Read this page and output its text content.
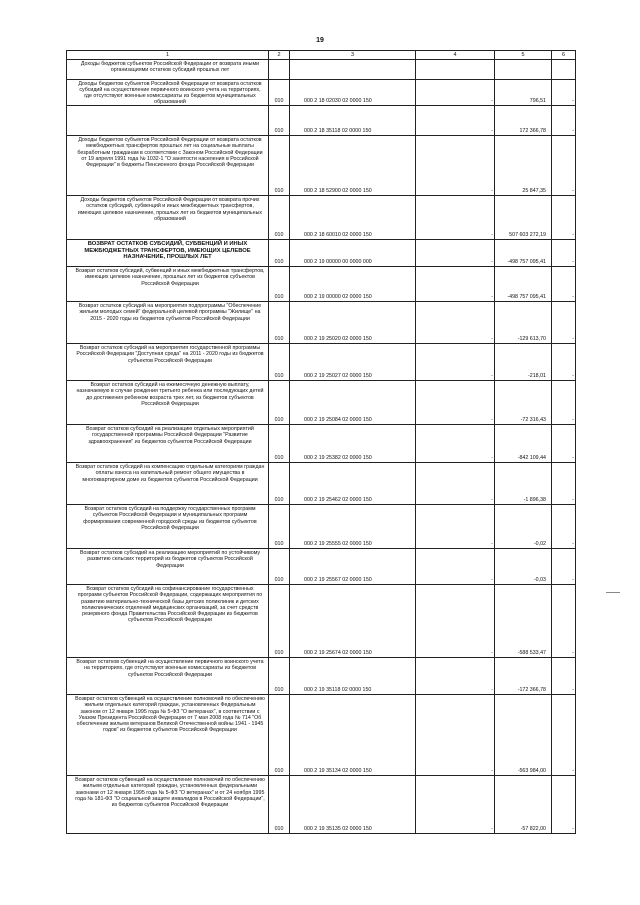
19
1	2	3	4	5	6
Доходы бюджетов субъектов Российской Федерации от возврата иными организациями остатков субсидий прошлых лет					
Доходы бюджетов субъектов Российской Федерации от возврата остатков субсидий на осуществление первичного воинского учета на территориях, где отсутствуют военные комиссариаты из бюджетов муниципальных образований	010	000 2 18 02030 02 0000 150	-	796,51	-
	010	000 2 18 35118 02 0000 150	-	172 366,78	-
Доходы бюджетов субъектов Российской Федерации от возврата остатков межбюджетных трансфертов прошлых лет на социальные выплаты безработным гражданам в соответствии с Законом Российской Федерации от 19 апреля 1991 года № 1032-1 "О занятости населения в Российской Федерации" в бюджеты Пенсионного фонда Российской Федерации	010	000 2 18 52900 02 0000 150	-	25 847,35	-
Доходы бюджетов субъектов Российской Федерации от возврата прочих остатков субсидий, субвенций и иных межбюджетных трансфертов, имеющих целевое назначение, прошлых лет из бюджетов муниципальных образований	010	000 2 18 60010 02 0000 150	-	507 603 272,19	-
ВОЗВРАТ ОСТАТКОВ СУБСИДИЙ, СУБВЕНЦИЙ И ИНЫХ МЕЖБЮДЖЕТНЫХ ТРАНСФЕРТОВ, ИМЕЮЩИХ ЦЕЛЕВОЕ НАЗНАЧЕНИЕ, ПРОШЛЫХ ЛЕТ	010	000 2 19 00000 00 0000 000	-	-498 757 095,41	-
Возврат остатков субсидий, субвенций и иных межбюджетных трансфертов, имеющих целевое назначение, прошлых лет из бюджетов субъектов Российской Федерации	010	000 2 19 00000 02 0000 150	-	-498 757 095,41	-
Возврат остатков субсидий на мероприятия подпрограммы "Обеспечение жильем молодых семей" федеральной целевой программы "Жилище" на 2015 - 2020 годы из бюджетов субъектов Российской Федерации	010	000 2 19 25020 02 0000 150	-	-129 613,70	-
Возврат остатков субсидий на мероприятия государственной программы Российской Федерации "Доступная среда" на 2011 - 2020 годы из бюджетов субъектов Российской Федерации	010	000 2 19 25027 02 0000 150	-	-218,01	-
Возврат остатков субсидий на ежемесячную денежную выплату, назначаемую в случае рождения третьего ребенка или последующих детей до достижения ребенком возраста трех лет, из бюджетов субъектов Российской Федерации	010	000 2 19 25084 02 0000 150	-	-72 316,43	-
Возврат остатков субсидий на реализацию отдельных мероприятий государственной программы Российской Федерации "Развитие здравоохранения" из бюджетов субъектов Российской Федерации	010	000 2 19 25382 02 0000 150	-	-842 109,44	-
Возврат остатков субсидий на компенсацию отдельным категориям граждан оплаты взноса на капитальный ремонт общего имущества в многоквартирном доме из бюджетов субъектов Российской Федерации	010	000 2 19 25462 02 0000 150	-	-1 896,38	-
Возврат остатков субсидий на поддержку государственных программ субъектов Российской Федерации и муниципальных программ формирования современной городской среды из бюджетов субъектов Российской Федерации	010	000 2 19 25555 02 0000 150	-	-0,02	-
Возврат остатков субсидий на реализацию мероприятий по устойчивому развитию сельских территорий из бюджетов субъектов Российской Федерации	010	000 2 19 25567 02 0000 150	-	-0,03	-
Возврат остатков субсидий на софинансирование государственных программ субъектов Российской Федерации, содержащих мероприятия по развитию материально-технической базы детских поликлиник и детских поликлинических отделений медицинских организаций, за счет средств резервного фонда Правительства Российской Федерации из бюджетов субъектов Российской Федерации	010	000 2 19 25674 02 0000 150	-	-588 533,47	-
Возврат остатков субвенций на осуществление первичного воинского учета на территориях, где отсутствуют военные комиссариаты из бюджетов субъектов Российской Федерации	010	000 2 19 35118 02 0000 150	-	-172 366,78	-
Возврат остатков субвенций на осуществление полномочий по обеспечению жильем отдельных категорий граждан, установленных Федеральным законом от 12 января 1995 года № 5-ФЗ "О ветеранах", в соответствии с Указом Президента Российской Федерации от 7 мая 2008 года № 714 "Об обеспечении жильем ветеранов Великой Отечественной войны 1941 - 1945 годов" из бюджетов субъектов Российской Федерации	010	000 2 19 35134 02 0000 150	-	-563 984,00	-
Возврат остатков субвенций на осуществление полномочий по обеспечению жильем отдельных категорий граждан, установленных федеральными законами от 12 января 1995 года № 5-ФЗ "О ветеранах" и от 24 ноября 1995 года № 181-ФЗ "О социальной защите инвалидов в Российской Федерации", из бюджетов субъектов Российской Федерации	010	000 2 19 35135 02 0000 150	-	-57 822,00	-
